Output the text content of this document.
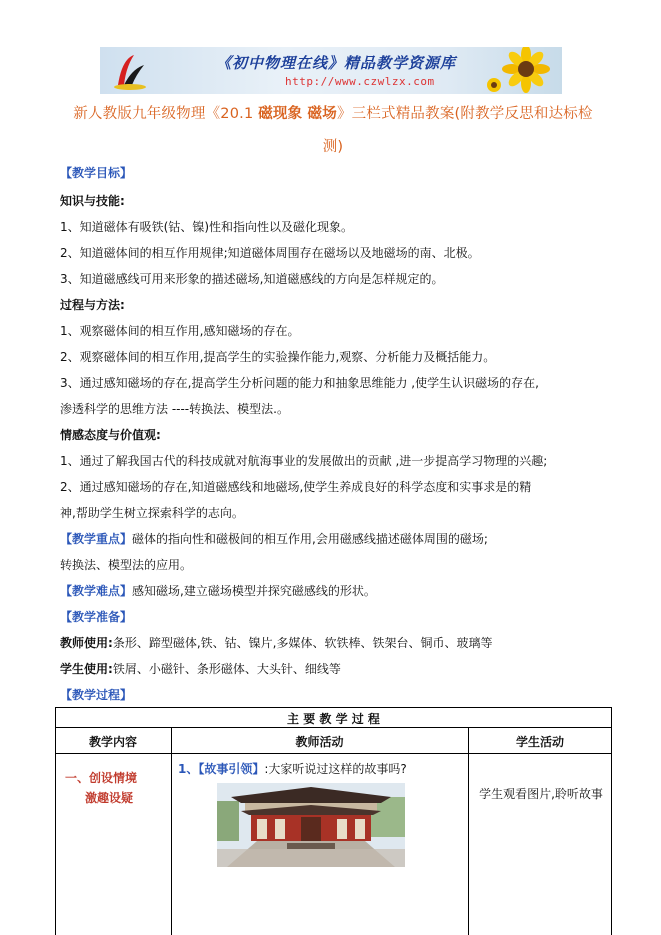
《初中物理在线》精品教学资源库
http://www.czwlzx.com
新人教版九年级物理《20.1 磁现象 磁场》三栏式精品教案(附教学反思和达标检
测)
【教学目标】
知识与技能:
1、知道磁体有吸铁(钴、镍)性和指向性以及磁化现象。
2、知道磁体间的相互作用规律;知道磁体周围存在磁场以及地磁场的南、北极。
3、知道磁感线可用来形象的描述磁场,知道磁感线的方向是怎样规定的。
过程与方法:
1、观察磁体间的相互作用,感知磁场的存在。
2、观察磁体间的相互作用,提高学生的实验操作能力,观察、分析能力及概括能力。
3、通过感知磁场的存在,提高学生分析问题的能力和抽象思维能力 ,使学生认识磁场的存在,
渗透科学的思维方法 ----转换法、模型法.。
情感态度与价值观:
1、通过了解我国古代的科技成就对航海事业的发展做出的贡献 ,进一步提高学习物理的兴趣;
2、通过感知磁场的存在,知道磁感线和地磁场,使学生养成良好的科学态度和实事求是的精
神,帮助学生树立探索科学的志向。
【教学重点】磁体的指向性和磁极间的相互作用,会用磁感线描述磁体周围的磁场;
转换法、模型法的应用。
【教学难点】感知磁场,建立磁场模型并探究磁感线的形状。
【教学准备】
教师使用:条形、蹄型磁体,铁、钴、镍片,多媒体、软铁棒、铁架台、铜币、玻璃等
学生使用:铁屑、小磁针、条形磁体、大头针、细线等
【教学过程】
主 要 教 学 过 程
教学内容	教师活动	学生活动
一、创设情境
激趣设疑
1、【故事引领】:大家听说过这样的故事吗?
学生观看图片,聆听故事
